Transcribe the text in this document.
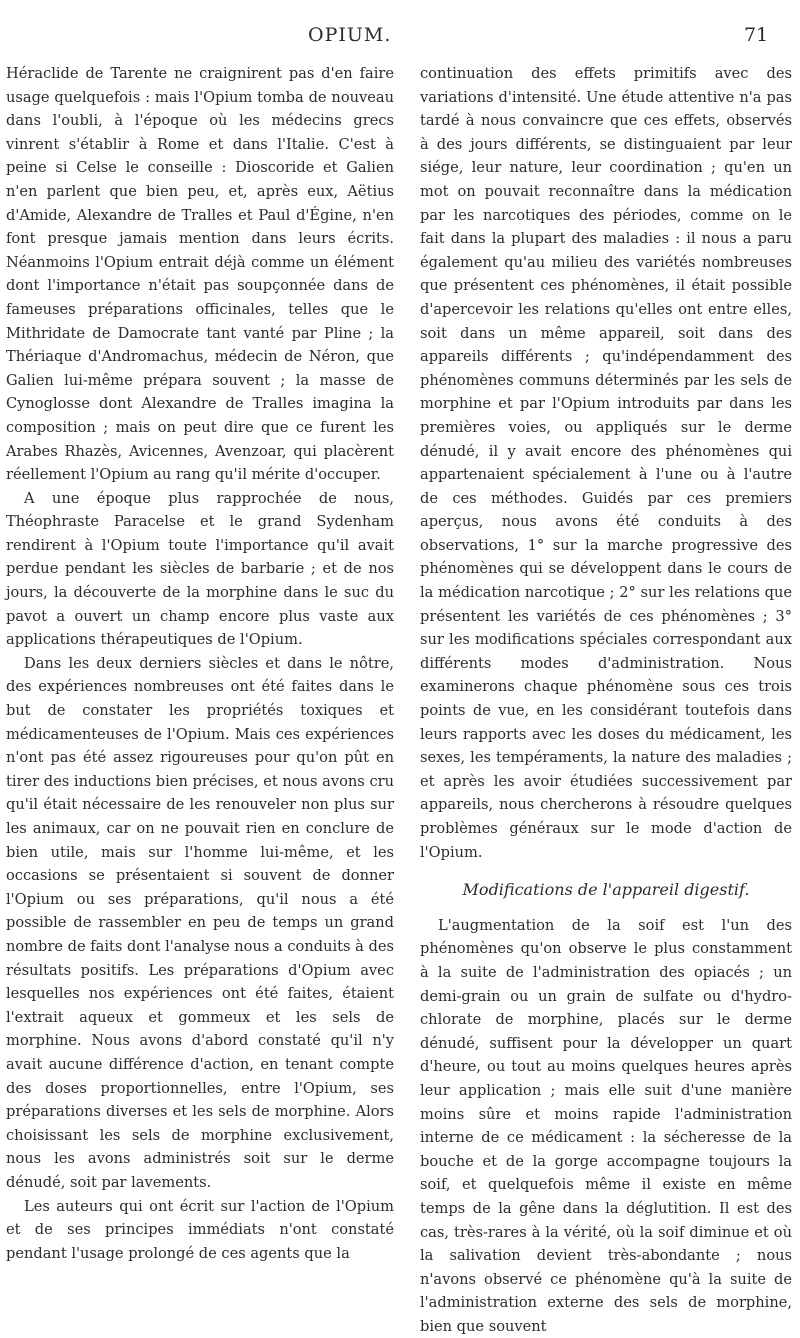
OPIUM.	71

Héraclide de Tarente ne craignirent pas d'en faire usage quelquefois : mais l'Opium tomba de nouveau dans l'oubli, à l'époque où les médecins grecs vinrent s'établir à Rome et dans l'Italie. C'est à peine si Celse le conseille : Dioscoride et Galien n'en parlent que bien peu, et, après eux, Aëtius d'Amide, Alexandre de Tralles et Paul d'Égine, n'en font presque jamais mention dans leurs écrits. Néanmoins l'Opium entrait déjà comme un élément dont l'importance n'était pas soupçonnée dans de fameuses préparations officinales, telles que le Mithridate de Damocrate tant vanté par Pline ; la Thériaque d'Andromachus, médecin de Néron, que Galien lui-même prépara souvent ; la masse de Cynoglosse dont Alexandre de Tralles imagina la composition ; mais on peut dire que ce furent les Arabes Rhazès, Avicennes, Avenzoar, qui placèrent réellement l'Opium au rang qu'il mérite d'occuper.

A une époque plus rapprochée de nous, Théophraste Paracelse et le grand Sydenham rendirent à l'Opium toute l'importance qu'il avait perdue pendant les siècles de barbarie ; et de nos jours, la découverte de la morphine dans le suc du pavot a ouvert un champ encore plus vaste aux applications thérapeutiques de l'Opium.

Dans les deux derniers siècles et dans le nôtre, des expériences nombreuses ont été faites dans le but de constater les propriétés toxiques et médicamenteuses de l'Opium. Mais ces expériences n'ont pas été assez rigoureuses pour qu'on pût en tirer des inductions bien précises, et nous avons cru qu'il était nécessaire de les renouveler non plus sur les animaux, car on ne pouvait rien en conclure de bien utile, mais sur l'homme lui-même, et les occasions se présentaient si souvent de donner l'Opium ou ses préparations, qu'il nous a été possible de rassembler en peu de temps un grand nombre de faits dont l'analyse nous a conduits à des résultats positifs. Les préparations d'Opium avec lesquelles nos expériences ont été faites, étaient l'extrait aqueux et gommeux et les sels de morphine. Nous avons d'abord constaté qu'il n'y avait aucune différence d'action, en tenant compte des doses proportionnelles, entre l'Opium, ses préparations diverses et les sels de morphine. Alors choisissant les sels de morphine exclusivement, nous les avons administrés soit sur le derme dénudé, soit par lavements.

Les auteurs qui ont écrit sur l'action de l'Opium et de ses principes immédiats n'ont constaté pendant l'usage prolongé de ces agents que la

continuation des effets primitifs avec des variations d'intensité. Une étude attentive n'a pas tardé à nous convaincre que ces effets, observés à des jours différents, se distinguaient par leur siége, leur nature, leur coordination ; qu'en un mot on pouvait reconnaître dans la médication par les narcotiques des périodes, comme on le fait dans la plupart des maladies : il nous a paru également qu'au milieu des variétés nombreuses que présentent ces phénomènes, il était possible d'apercevoir les relations qu'elles ont entre elles, soit dans un même appareil, soit dans des appareils différents ; qu'indépendamment des phénomènes communs déterminés par les sels de morphine et par l'Opium introduits par dans les premières voies, ou appliqués sur le derme dénudé, il y avait encore des phénomènes qui appartenaient spécialement à l'une ou à l'autre de ces méthodes. Guidés par ces premiers aperçus, nous avons été conduits à des observations, 1° sur la marche progressive des phénomènes qui se développent dans le cours de la médication narcotique ; 2° sur les relations que présentent les variétés de ces phénomènes ; 3° sur les modifications spéciales correspondant aux différents modes d'administration. Nous examinerons chaque phénomène sous ces trois points de vue, en les considérant toutefois dans leurs rapports avec les doses du médicament, les sexes, les tempéraments, la nature des maladies ; et après les avoir étudiées successivement par appareils, nous chercherons à résoudre quelques problèmes généraux sur le mode d'action de l'Opium.

Modifications de l'appareil digestif.

L'augmentation de la soif est l'un des phénomènes qu'on observe le plus constamment à la suite de l'administration des opiacés ; un demi-grain ou un grain de sulfate ou d'hydro-chlorate de morphine, placés sur le derme dénudé, suffisent pour la développer un quart d'heure, ou tout au moins quelques heures après leur application ; mais elle suit d'une manière moins sûre et moins rapide l'administration interne de ce médicament : la sécheresse de la bouche et de la gorge accompagne toujours la soif, et quelquefois même il existe en même temps de la gêne dans la déglutition. Il est des cas, très-rares à la vérité, où la soif diminue et où la salivation devient très-abondante ; nous n'avons observé ce phénomène qu'à la suite de l'administration externe des sels de morphine, bien que souvent
